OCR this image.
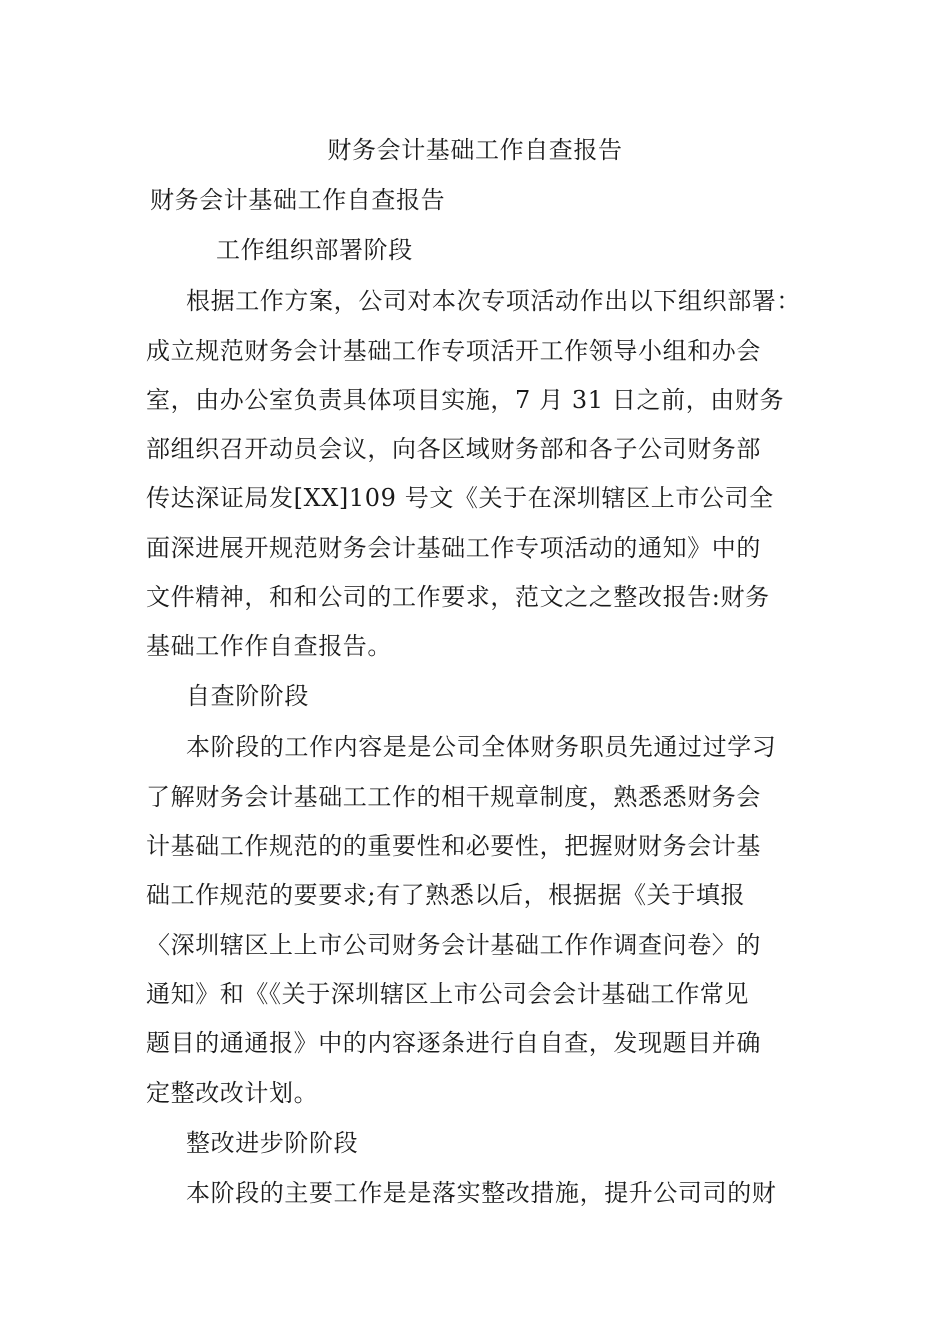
财务会计基础工作自查报告
财务会计基础工作自查报告
工作组织部署阶段
根据工作方案，公司对本次专项活动作出以下组织部署：
成立规范财务会计基础工作专项活开工作领导小组和办会
室，由办公室负责具体项目实施，7 月 31 日之前，由财务
部组织召开动员会议，向各区域财务部和各子公司财务部
传达深证局发[XX]109 号文《关于在深圳辖区上市公司全
面深进展开规范财务会计基础工作专项活动的通知》中的
文件精神，和和公司的工作要求，范文之之整改报告:财务
基础工作作自查报告。
自查阶阶段
本阶段的工作内容是是公司全体财务职员先通过过学习
了解财务会计基础工工作的相干规章制度，熟悉悉财务会
计基础工作规范的的重要性和必要性，把握财财务会计基
础工作规范的要要求;有了熟悉以后，根据据《关于填报
〈深圳辖区上上市公司财务会计基础工作作调查问卷〉的
通知》和《《关于深圳辖区上市公司会会计基础工作常见
题目的通通报》中的内容逐条进行自自查，发现题目并确
定整改改计划。
整改进步阶阶段
本阶段的主要工作是是落实整改措施，提升公司司的财
